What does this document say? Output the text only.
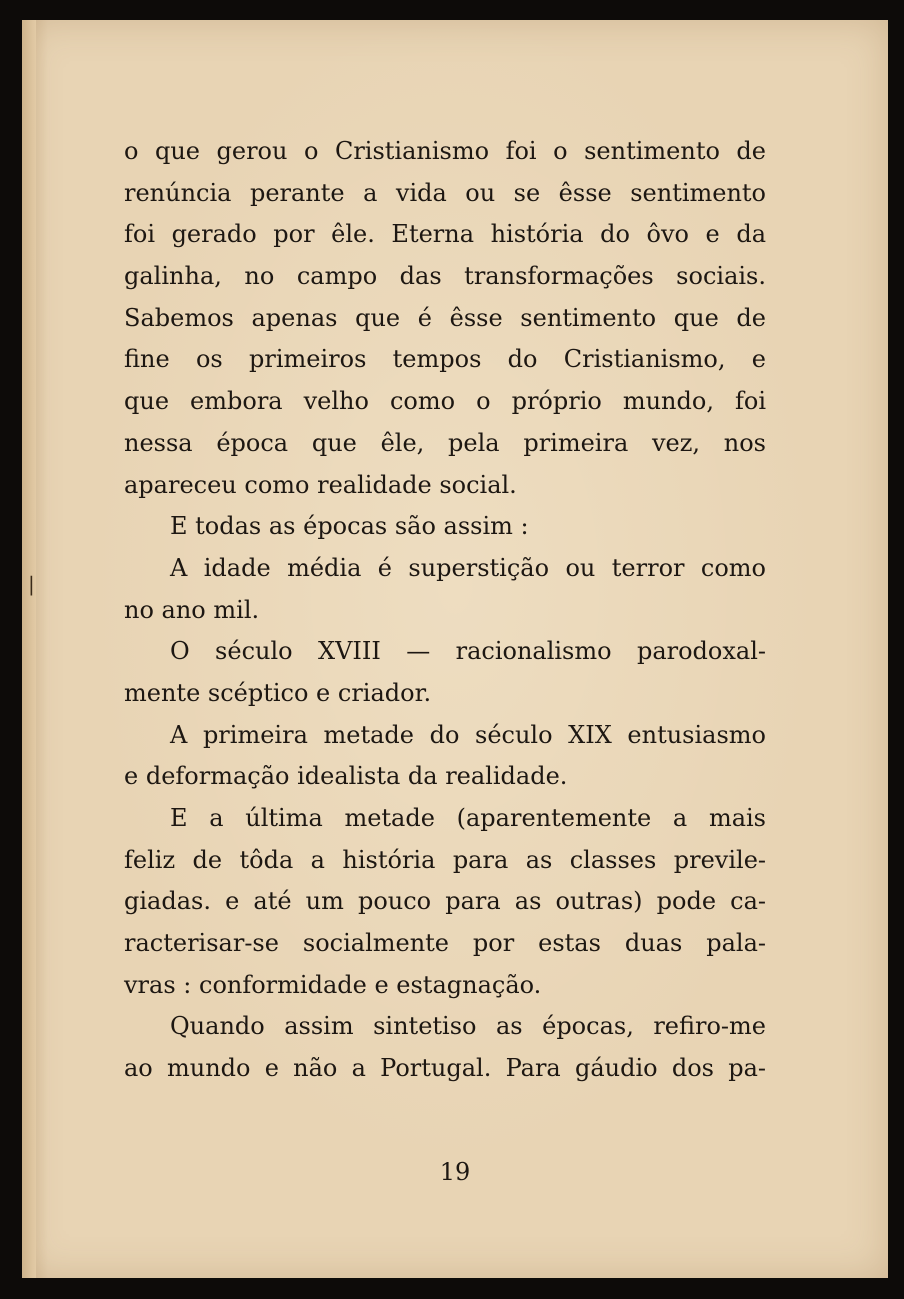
o que gerou o Cristianismo foi o sentimento de
renúncia perante a vida ou se êsse sentimento
foi gerado por êle. Eterna história do ôvo e da
galinha, no campo das transformações sociais.
Sabemos apenas que é êsse sentimento que de
fine os primeiros tempos do Cristianismo, e
que embora velho como o próprio mundo, foi
nessa época que êle, pela primeira vez, nos
apareceu como realidade social.
E todas as épocas são assim :
A idade média é superstição ou terror como
no ano mil.
O século XVIII — racionalismo parodoxal-
mente scéptico e criador.
A primeira metade do século XIX entusiasmo
e deformação idealista da realidade.
E a última metade (aparentemente a mais
feliz de tôda a história para as classes previle-
giadas. e até um pouco para as outras) pode ca-
racterisar-se socialmente por estas duas pala-
vras : conformidade e estagnação.
Quando assim sintetiso as épocas, refiro-me
ao mundo e não a Portugal. Para gáudio dos pa-
19
|
